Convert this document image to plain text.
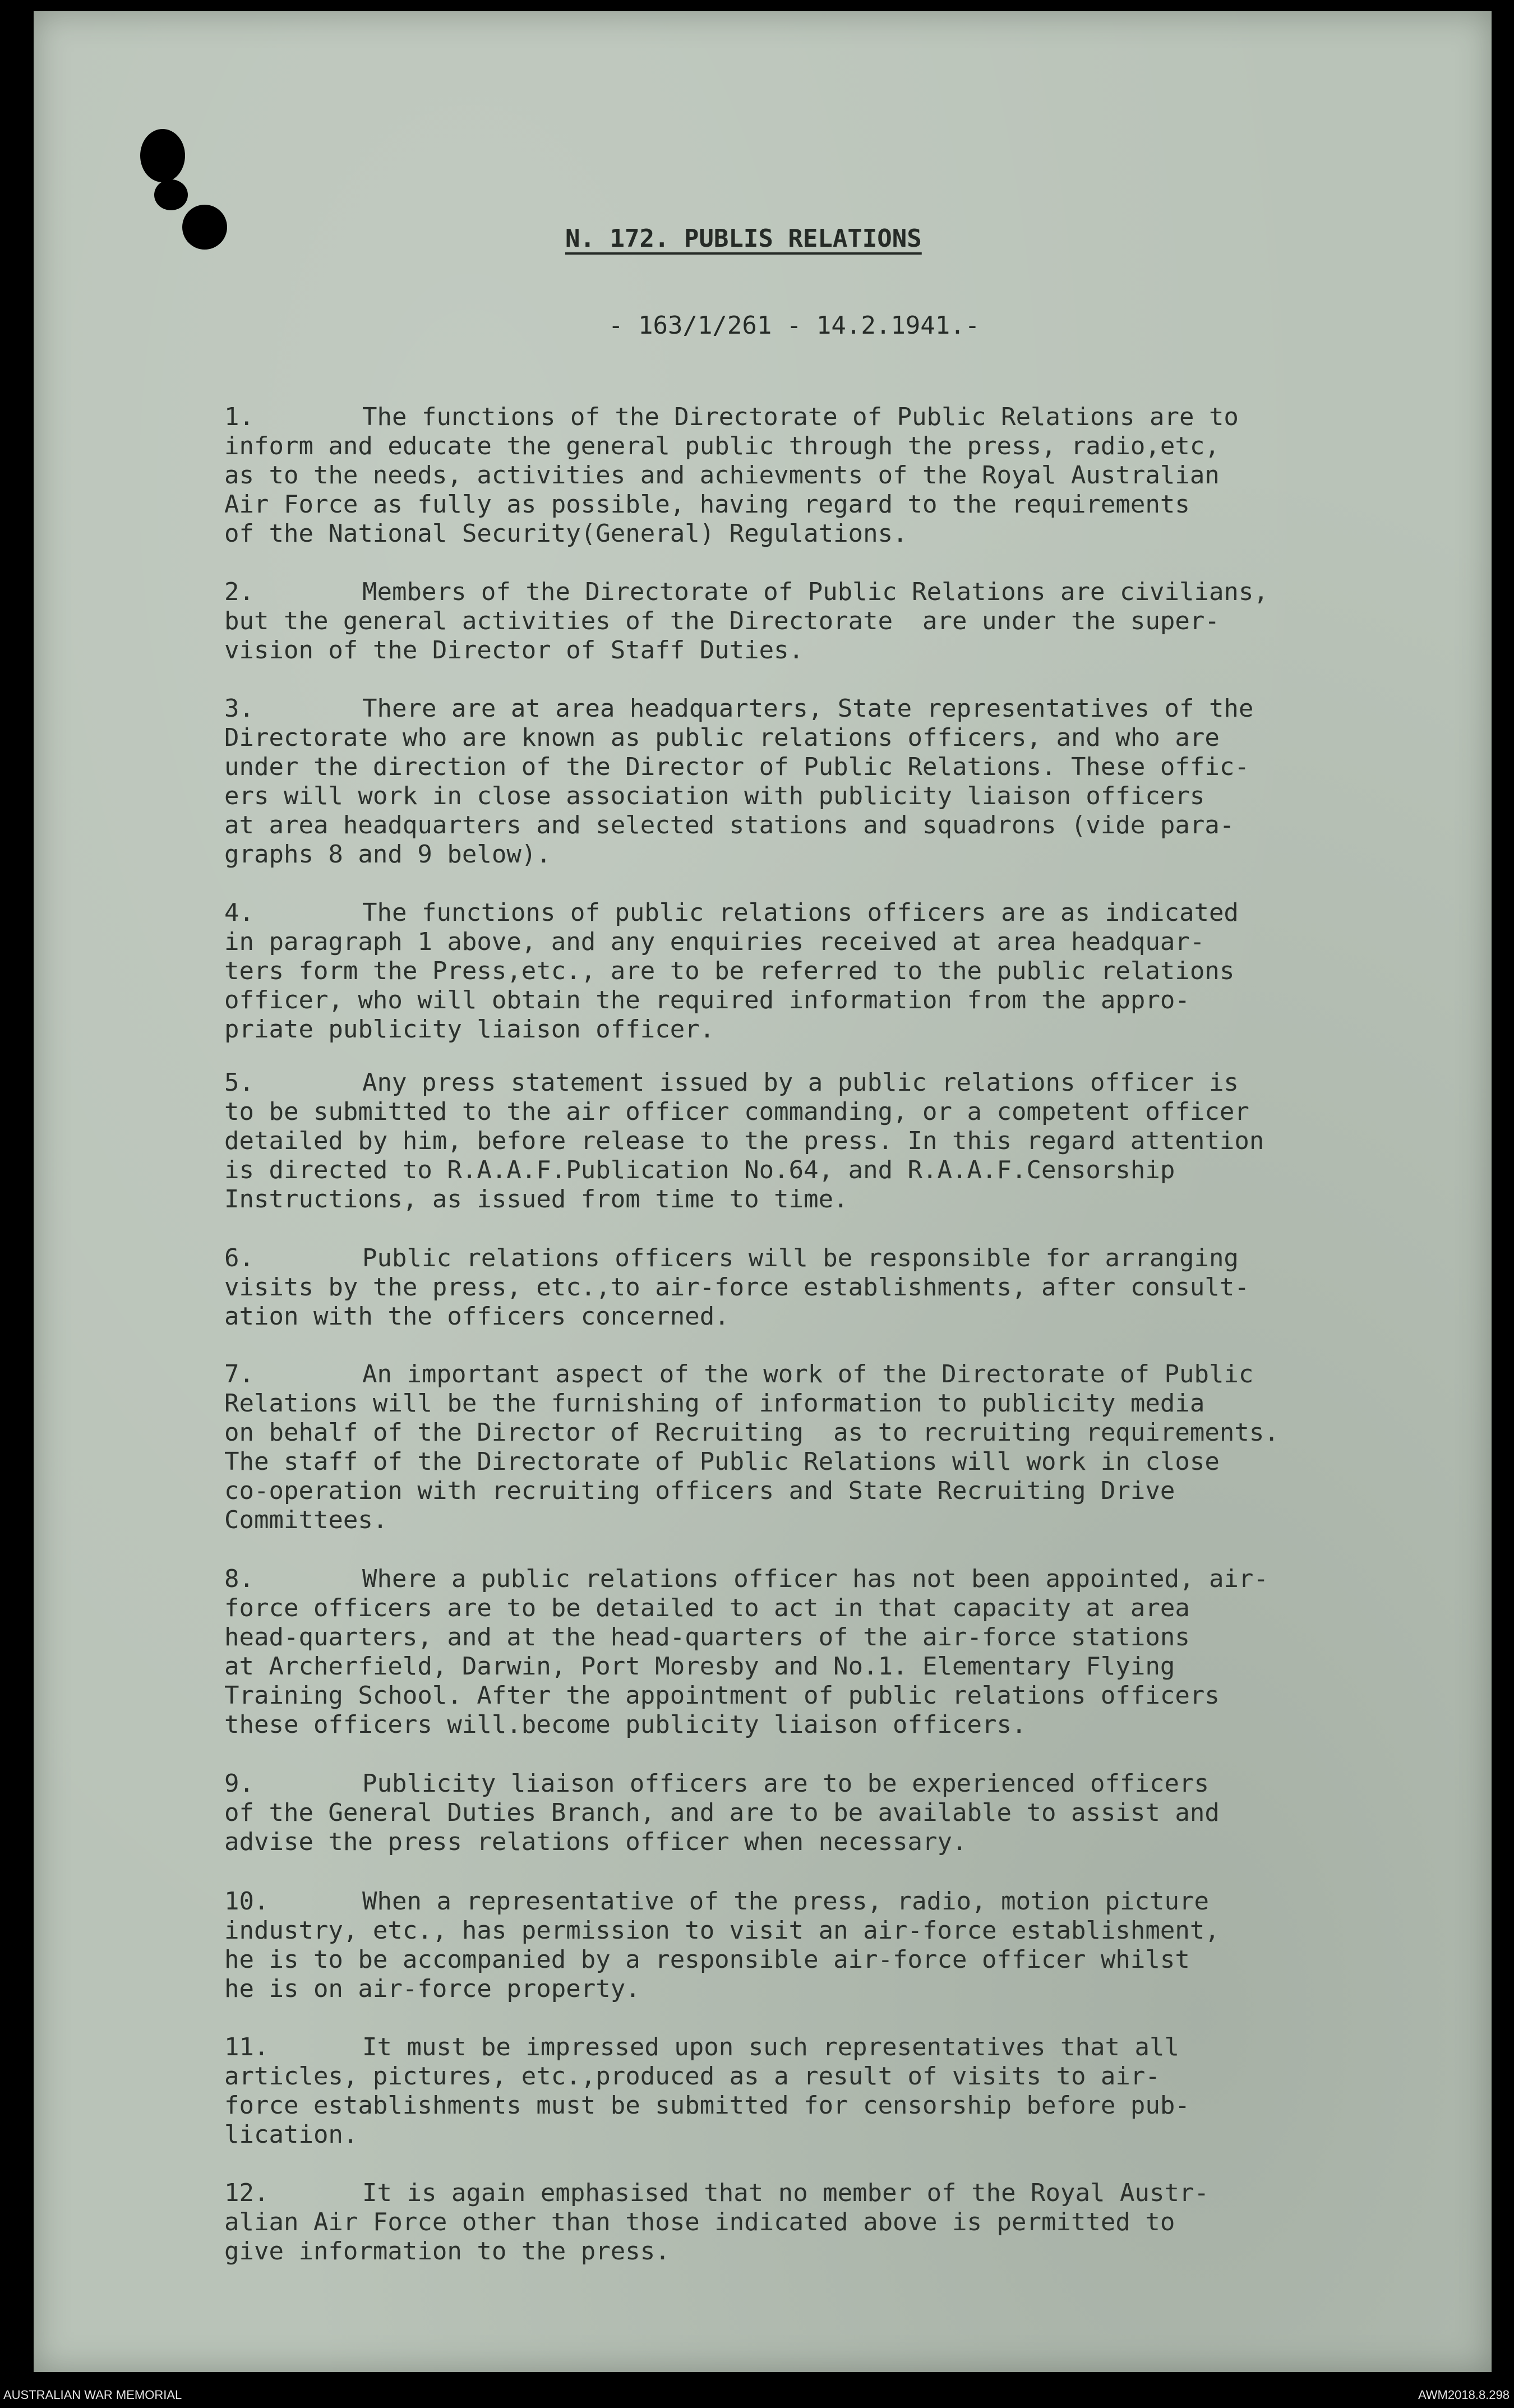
N. 172. PUBLIS RELATIONS
- 163/1/261 - 14.2.1941.-
1.	The functions of the Directorate of Public Relations are to
inform and educate the general public through the press, radio,etc,
as to the needs, activities and achievments of the Royal Australian
Air Force as fully as possible, having regard to the requirements
of the National Security(General) Regulations.
2.	Members of the Directorate of Public Relations are civilians,
but the general activities of the Directorate  are under the super-
vision of the Director of Staff Duties.
3.	There are at area headquarters, State representatives of the
Directorate who are known as public relations officers, and who are
under the direction of the Director of Public Relations. These offic-
ers will work in close association with publicity liaison officers
at area headquarters and selected stations and squadrons (vide para-
graphs 8 and 9 below).
4.	The functions of public relations officers are as indicated
in paragraph 1 above, and any enquiries received at area headquar-
ters form the Press,etc., are to be referred to the public relations
officer, who will obtain the required information from the appro-
priate publicity liaison officer.
5.	Any press statement issued by a public relations officer is
to be submitted to the air officer commanding, or a competent officer
detailed by him, before release to the press. In this regard attention
is directed to R.A.A.F.Publication No.64, and R.A.A.F.Censorship
Instructions, as issued from time to time.
6.	Public relations officers will be responsible for arranging
visits by the press, etc.,to air-force establishments, after consult-
ation with the officers concerned.
7.	An important aspect of the work of the Directorate of Public
Relations will be the furnishing of information to publicity media
on behalf of the Director of Recruiting  as to recruiting requirements.
The staff of the Directorate of Public Relations will work in close
co-operation with recruiting officers and State Recruiting Drive
Committees.
8.	Where a public relations officer has not been appointed, air-
force officers are to be detailed to act in that capacity at area
head-quarters, and at the head-quarters of the air-force stations
at Archerfield, Darwin, Port Moresby and No.1. Elementary Flying
Training School. After the appointment of public relations officers
these officers will.become publicity liaison officers.
9.	Publicity liaison officers are to be experienced officers
of the General Duties Branch, and are to be available to assist and
advise the press relations officer when necessary.
10.	When a representative of the press, radio, motion picture
industry, etc., has permission to visit an air-force establishment,
he is to be accompanied by a responsible air-force officer whilst
he is on air-force property.
11.	It must be impressed upon such representatives that all
articles, pictures, etc.,produced as a result of visits to air-
force establishments must be submitted for censorship before pub-
lication.
12.	It is again emphasised that no member of the Royal Austr-
alian Air Force other than those indicated above is permitted to
give information to the press.
AUSTRALIAN WAR MEMORIAL	AWM2018.8.298
